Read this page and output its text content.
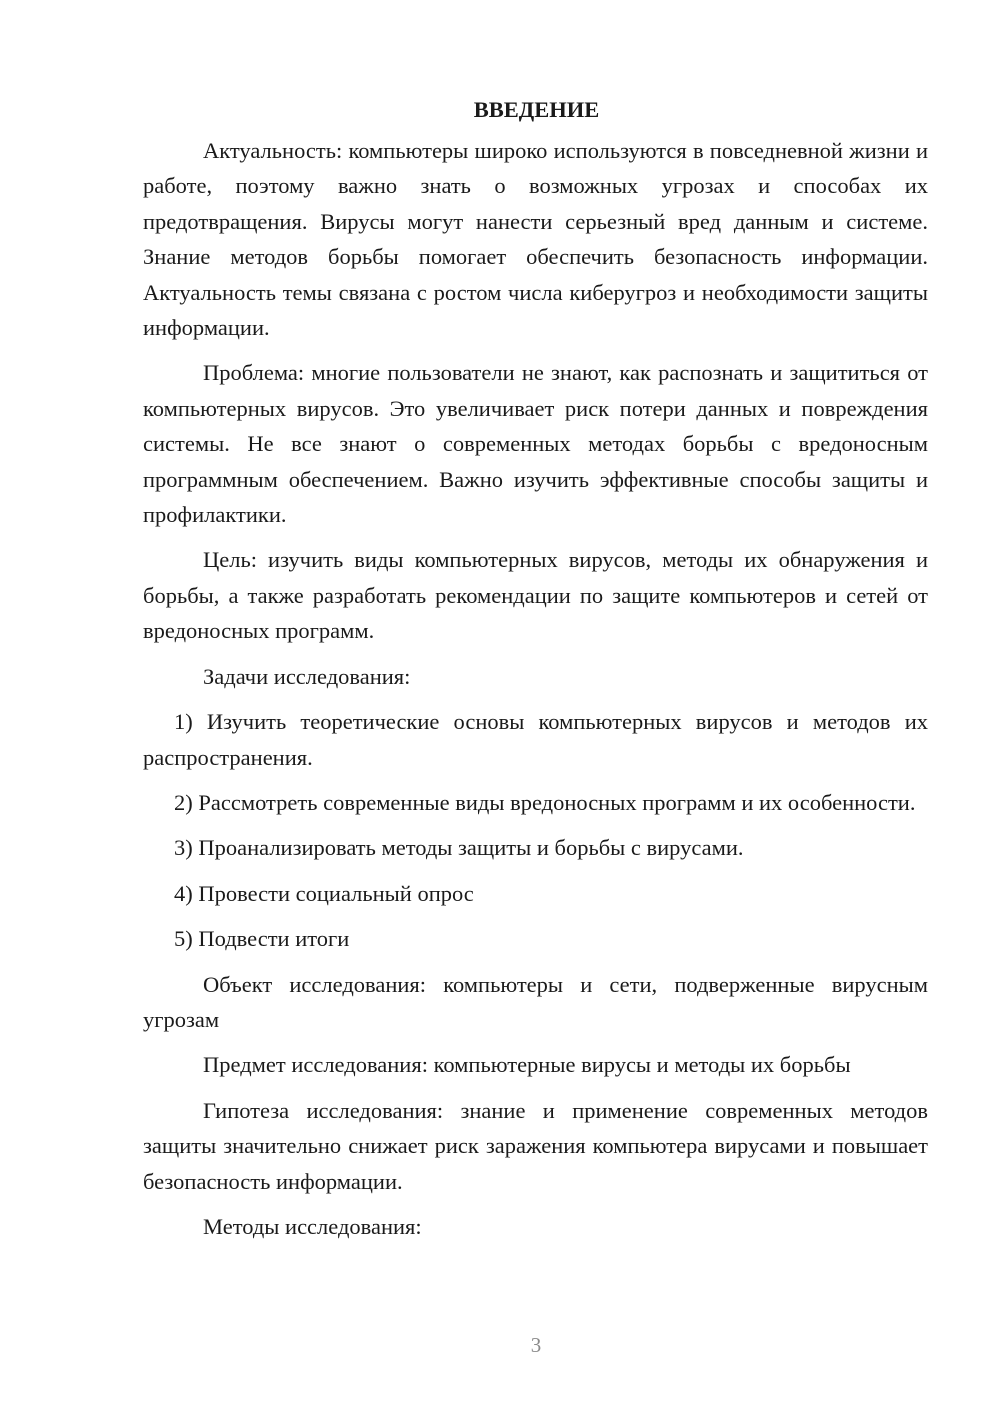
ВВЕДЕНИЕ

Актуальность: компьютеры широко используются в повседневной жизни и работе, поэтому важно знать о возможных угрозах и способах их предотвращения. Вирусы могут нанести серьезный вред данным и системе. Знание методов борьбы помогает обеспечить безопасность информации. Актуальность темы связана с ростом числа киберугроз и необходимости защиты информации.

Проблема: многие пользователи не знают, как распознать и защититься от компьютерных вирусов. Это увеличивает риск потери данных и повреждения системы. Не все знают о современных методах борьбы с вредоносным программным обеспечением. Важно изучить эффективные способы защиты и профилактики.

Цель: изучить виды компьютерных вирусов, методы их обнаружения и борьбы, а также разработать рекомендации по защите компьютеров и сетей от вредоносных программ.

Задачи исследования:

1) Изучить теоретические основы компьютерных вирусов и методов их распространения.

2) Рассмотреть современные виды вредоносных программ и их особенности.

3) Проанализировать методы защиты и борьбы с вирусами.

4) Провести социальный опрос

5) Подвести итоги

Объект исследования: компьютеры и сети, подверженные вирусным угрозам

Предмет исследования: компьютерные вирусы и методы их борьбы

Гипотеза исследования: знание и применение современных методов защиты значительно снижает риск заражения компьютера вирусами и повышает безопасность информации.

Методы исследования:

3
